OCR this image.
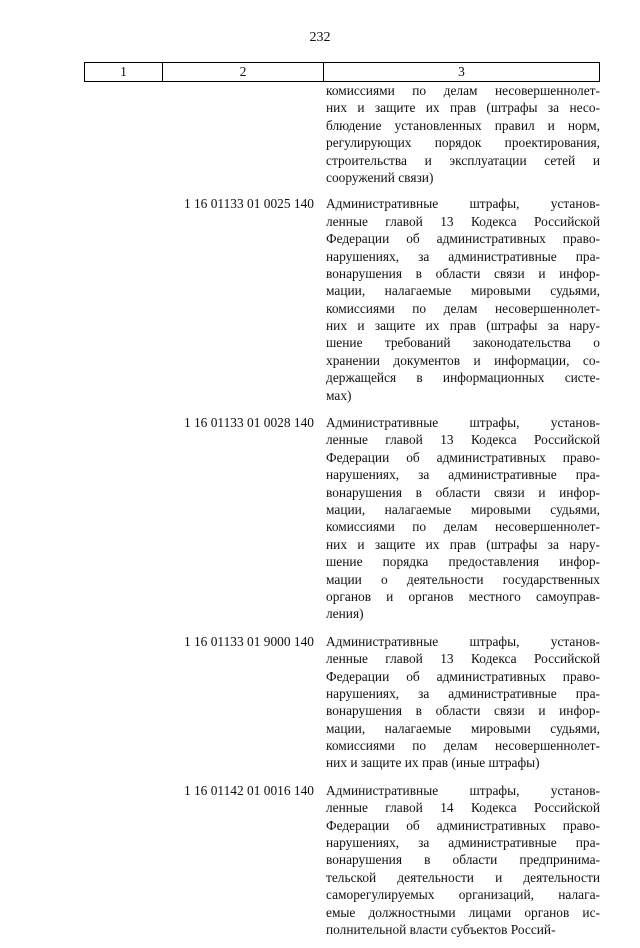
232
1	2	3
комиссиями по делам несовершеннолет-
них и защите их прав (штрафы за несо-
блюдение установленных правил и норм,
регулирующих порядок проектирования,
строительства и эксплуатации сетей и
сооружений связи)
1 16 01133 01 0025 140 Административные штрафы, установ-
ленные главой 13 Кодекса Российской
Федерации об административных право-
нарушениях, за административные пра-
вонарушения в области связи и инфор-
мации, налагаемые мировыми судьями,
комиссиями по делам несовершеннолет-
них и защите их прав (штрафы за нару-
шение требований законодательства о
хранении документов и информации, со-
держащейся в информационных систе-
мах)
1 16 01133 01 0028 140 Административные штрафы, установ-
ленные главой 13 Кодекса Российской
Федерации об административных право-
нарушениях, за административные пра-
вонарушения в области связи и инфор-
мации, налагаемые мировыми судьями,
комиссиями по делам несовершеннолет-
них и защите их прав (штрафы за нару-
шение порядка предоставления инфор-
мации о деятельности государственных
органов и органов местного самоуправ-
ления)
1 16 01133 01 9000 140 Административные штрафы, установ-
ленные главой 13 Кодекса Российской
Федерации об административных право-
нарушениях, за административные пра-
вонарушения в области связи и инфор-
мации, налагаемые мировыми судьями,
комиссиями по делам несовершеннолет-
них и защите их прав (иные штрафы)
1 16 01142 01 0016 140 Административные штрафы, установ-
ленные главой 14 Кодекса Российской
Федерации об административных право-
нарушениях, за административные пра-
вонарушения в области предпринима-
тельской деятельности и деятельности
саморегулируемых организаций, налага-
емые должностными лицами органов ис-
полнительной власти субъектов Россий-
